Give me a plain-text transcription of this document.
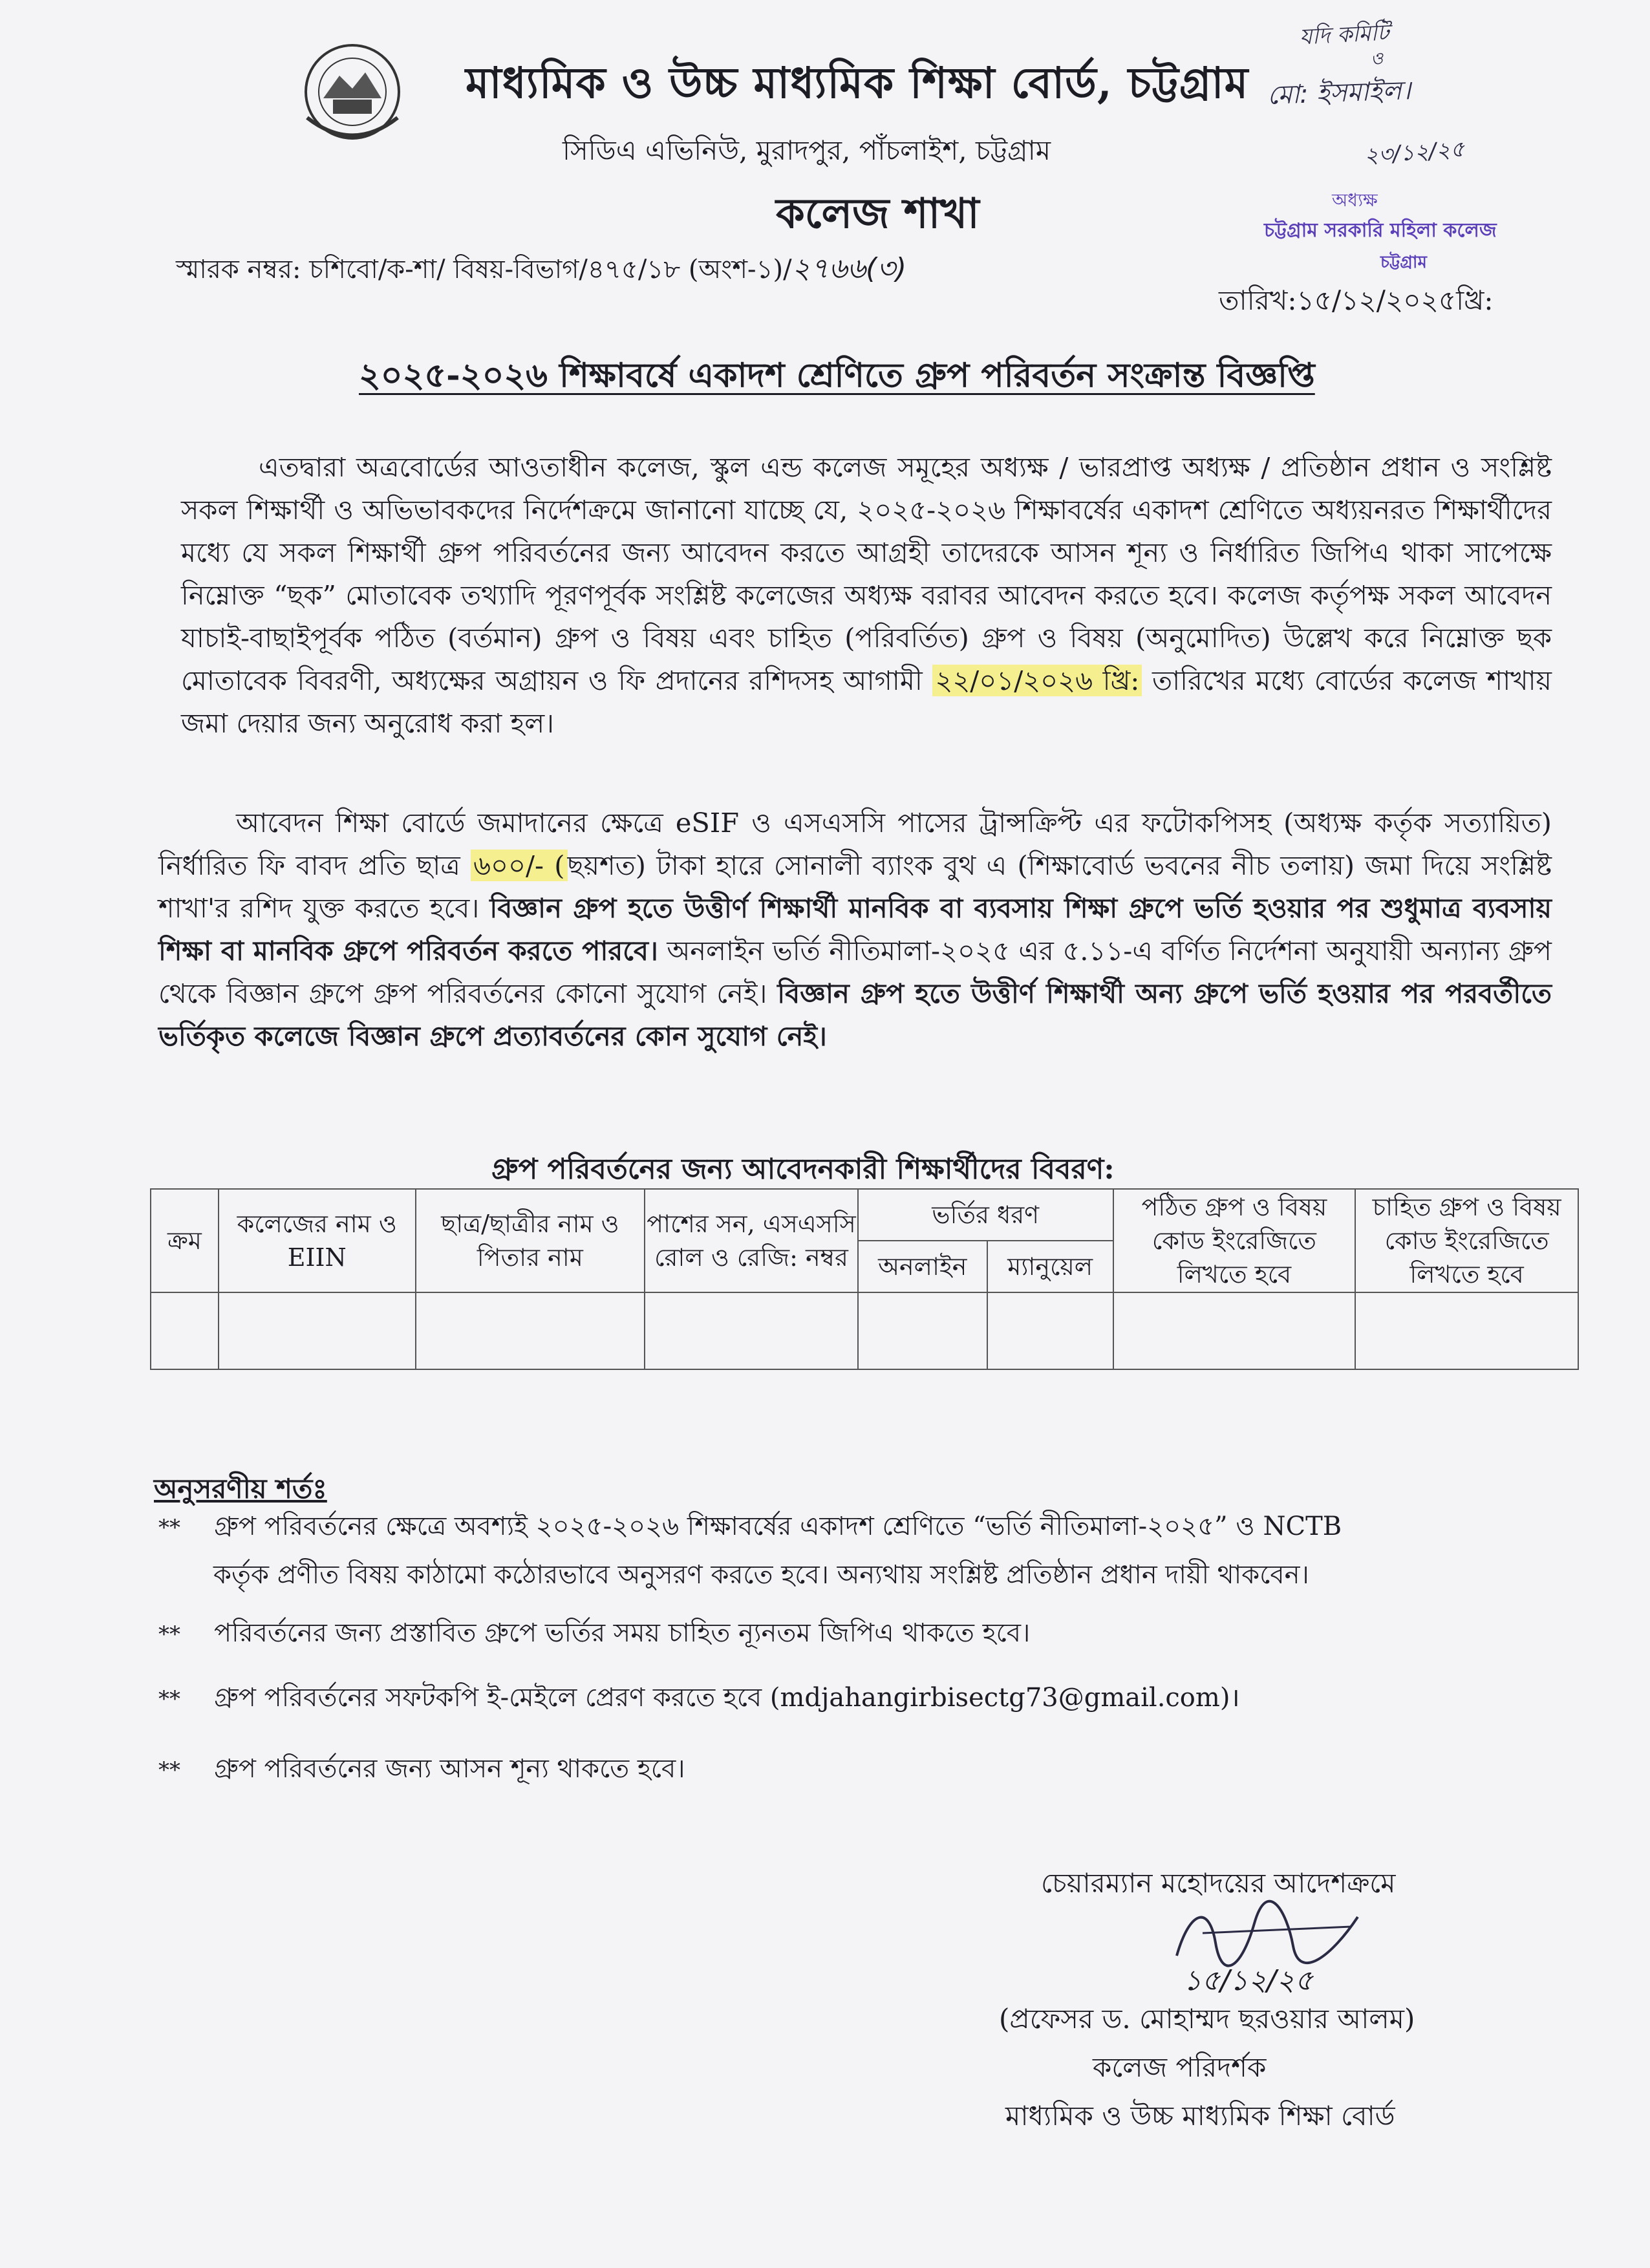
মাধ্যমিক ও উচ্চ মাধ্যমিক শিক্ষা বোর্ড, চট্টগ্রাম
সিডিএ এভিনিউ, মুরাদপুর, পাঁচলাইশ, চট্টগ্রাম
কলেজ শাখা
যদি কমিটি
ও
মো: ইসমাইল।
২৩/১২/২৫
অধ্যক্ষ
চট্টগ্রাম সরকারি মহিলা কলেজ
চট্টগ্রাম
স্মারক নম্বর: চশিবো/ক-শা/ বিষয়-বিভাগ/৪৭৫/১৮ (অংশ-১)/২৭৬৬(৩)
তারিখ:১৫/১২/২০২৫খ্রি:
২০২৫-২০২৬ শিক্ষাবর্ষে একাদশ শ্রেণিতে গ্রুপ পরিবর্তন সংক্রান্ত বিজ্ঞপ্তি
এতদ্বারা অত্রবোর্ডের আওতাধীন কলেজ, স্কুল এন্ড কলেজ সমূহের অধ্যক্ষ / ভারপ্রাপ্ত অধ্যক্ষ / প্রতিষ্ঠান প্রধান ও সংশ্লিষ্ট সকল শিক্ষার্থী ও অভিভাবকদের নির্দেশক্রমে জানানো যাচ্ছে যে, ২০২৫-২০২৬ শিক্ষাবর্ষের একাদশ শ্রেণিতে অধ্যয়নরত শিক্ষার্থীদের মধ্যে যে সকল শিক্ষার্থী গ্রুপ পরিবর্তনের জন্য আবেদন করতে আগ্রহী তাদেরকে আসন শূন্য ও নির্ধারিত জিপিএ থাকা সাপেক্ষে নিম্নোক্ত “ছক” মোতাবেক তথ্যাদি পূরণপূর্বক সংশ্লিষ্ট কলেজের অধ্যক্ষ বরাবর আবেদন করতে হবে। কলেজ কর্তৃপক্ষ সকল আবেদন যাচাই-বাছাইপূর্বক পঠিত (বর্তমান) গ্রুপ ও বিষয় এবং চাহিত (পরিবর্তিত) গ্রুপ ও বিষয় (অনুমোদিত) উল্লেখ করে নিম্নোক্ত ছক মোতাবেক বিবরণী, অধ্যক্ষের অগ্রায়ন ও ফি প্রদানের রশিদসহ আগামী ২২/০১/২০২৬ খ্রি: তারিখের মধ্যে বোর্ডের কলেজ শাখায় জমা দেয়ার জন্য অনুরোধ করা হল।
আবেদন শিক্ষা বোর্ডে জমাদানের ক্ষেত্রে eSIF ও এসএসসি পাসের ট্রান্সক্রিপ্ট এর ফটোকপিসহ (অধ্যক্ষ কর্তৃক সত্যায়িত) নির্ধারিত ফি বাবদ প্রতি ছাত্র ৬০০/- (ছয়শত) টাকা হারে সোনালী ব্যাংক বুথ এ (শিক্ষাবোর্ড ভবনের নীচ তলায়) জমা দিয়ে সংশ্লিষ্ট শাখা'র রশিদ যুক্ত করতে হবে। বিজ্ঞান গ্রুপ হতে উত্তীর্ণ শিক্ষার্থী মানবিক বা ব্যবসায় শিক্ষা গ্রুপে ভর্তি হওয়ার পর শুধুমাত্র ব্যবসায় শিক্ষা বা মানবিক গ্রুপে পরিবর্তন করতে পারবে। অনলাইন ভর্তি নীতিমালা-২০২৫ এর ৫.১১-এ বর্ণিত নির্দেশনা অনুযায়ী অন্যান্য গ্রুপ থেকে বিজ্ঞান গ্রুপে গ্রুপ পরিবর্তনের কোনো সুযোগ নেই। বিজ্ঞান গ্রুপ হতে উত্তীর্ণ শিক্ষার্থী অন্য গ্রুপে ভর্তি হওয়ার পর পরবর্তীতে ভর্তিকৃত কলেজে বিজ্ঞান গ্রুপে প্রত্যাবর্তনের কোন সুযোগ নেই।
গ্রুপ পরিবর্তনের জন্য আবেদনকারী শিক্ষার্থীদের বিবরণ:
ক্রম	কলেজের নাম ও EIIN	ছাত্র/ছাত্রীর নাম ও পিতার নাম	পাশের সন, এসএসসি রোল ও রেজি: নম্বর	ভর্তির ধরণ		পঠিত গ্রুপ ও বিষয় কোড ইংরেজিতে লিখতে হবে	চাহিত গ্রুপ ও বিষয় কোড ইংরেজিতে লিখতে হবে
				অনলাইন	ম্যানুয়েল		

অনুসরণীয় শর্তঃ
** গ্রুপ পরিবর্তনের ক্ষেত্রে অবশ্যই ২০২৫-২০২৬ শিক্ষাবর্ষের একাদশ শ্রেণিতে “ভর্তি নীতিমালা-২০২৫” ও NCTB
কর্তৃক প্রণীত বিষয় কাঠামো কঠোরভাবে অনুসরণ করতে হবে। অন্যথায় সংশ্লিষ্ট প্রতিষ্ঠান প্রধান দায়ী থাকবেন।
** পরিবর্তনের জন্য প্রস্তাবিত গ্রুপে ভর্তির সময় চাহিত ন্যূনতম জিপিএ থাকতে হবে।
** গ্রুপ পরিবর্তনের সফটকপি ই-মেইলে প্রেরণ করতে হবে (mdjahangirbisectg73@gmail.com)।
** গ্রুপ পরিবর্তনের জন্য আসন শূন্য থাকতে হবে।
চেয়ারম্যান মহোদয়ের আদেশক্রমে
১৫/১২/২৫
(প্রফেসর ড. মোহাম্মদ ছরওয়ার আলম)
কলেজ পরিদর্শক
মাধ্যমিক ও উচ্চ মাধ্যমিক শিক্ষা বোর্ড
